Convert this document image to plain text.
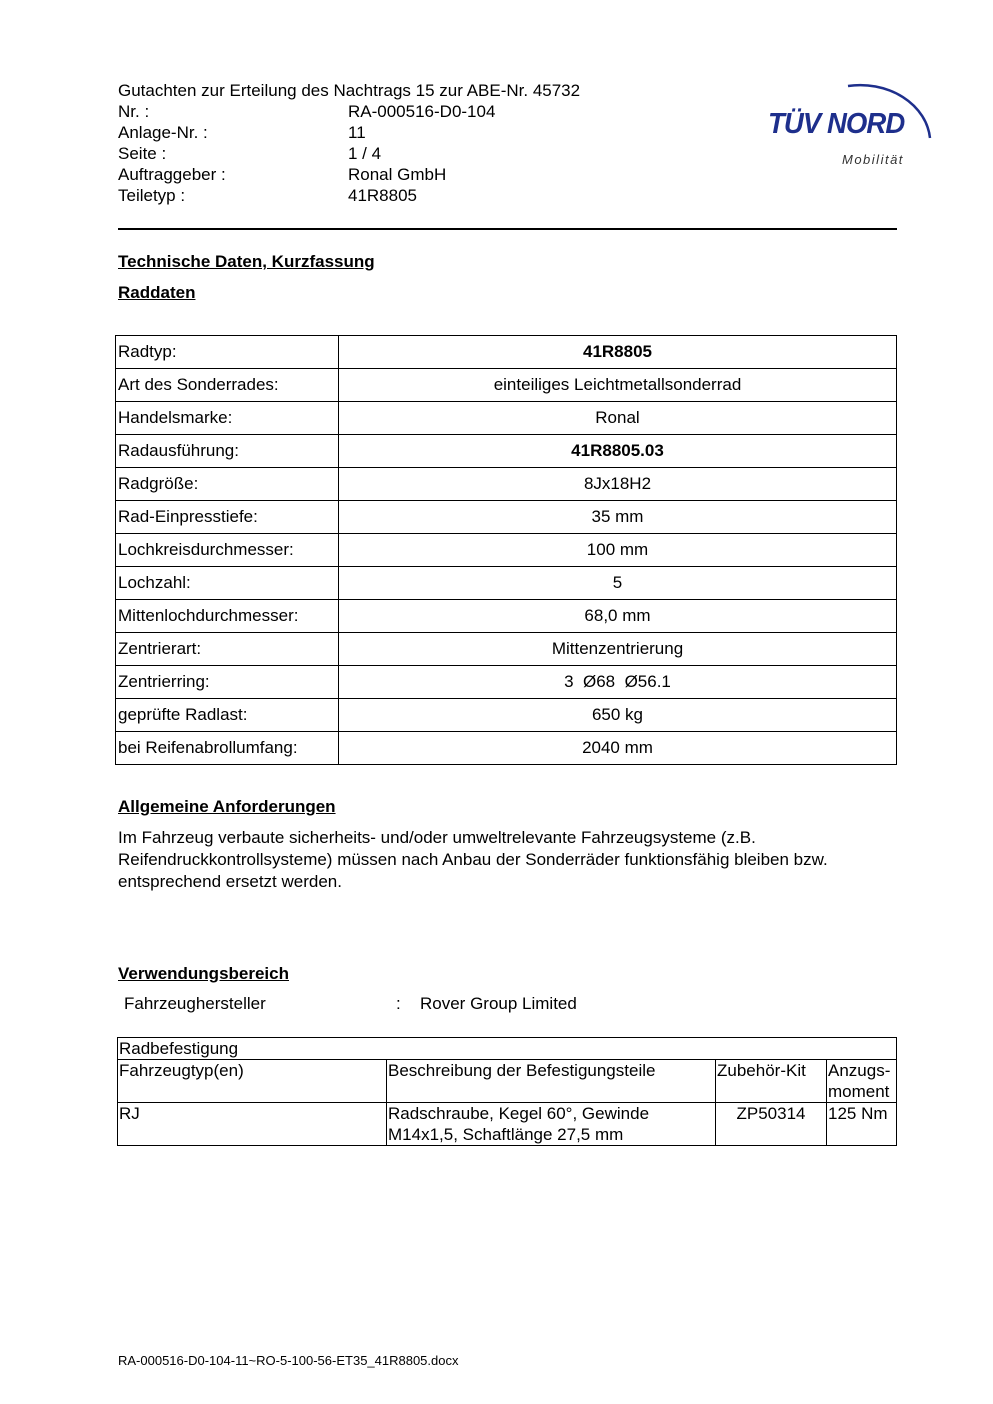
Gutachten zur Erteilung des Nachtrags 15 zur ABE-Nr. 45732
Nr. :	RA-000516-D0-104
Anlage-Nr. :	11
Seite :	1 / 4
Auftraggeber :	Ronal GmbH
Teiletyp :	41R8805
TÜV NORD
Mobilität
Technische Daten, Kurzfassung
Raddaten
Radtyp:	41R8805
Art des Sonderrades:	einteiliges Leichtmetallsonderrad
Handelsmarke:	Ronal
Radausführung:	41R8805.03
Radgröße:	8Jx18H2
Rad-Einpresstiefe:	35 mm
Lochkreisdurchmesser:	100 mm
Lochzahl:	5
Mittenlochdurchmesser:	68,0 mm
Zentrierart:	Mittenzentrierung
Zentrierring:	3  Ø68  Ø56.1
geprüfte Radlast:	650 kg
bei Reifenabrollumfang:	2040 mm
Allgemeine Anforderungen
Im Fahrzeug verbaute sicherheits- und/oder umweltrelevante Fahrzeugsysteme (z.B. Reifendruckkontrollsysteme) müssen nach Anbau der Sonderräder funktionsfähig bleiben bzw. entsprechend ersetzt werden.
Verwendungsbereich
Fahrzeughersteller	:	Rover Group Limited
Radbefestigung			
Fahrzeugtyp(en)	Beschreibung der Befestigungsteile	Zubehör-Kit	Anzugs-moment
RJ	Radschraube, Kegel 60°, Gewinde M14x1,5, Schaftlänge 27,5 mm	ZP50314	125 Nm
RA-000516-D0-104-11~RO-5-100-56-ET35_41R8805.docx
